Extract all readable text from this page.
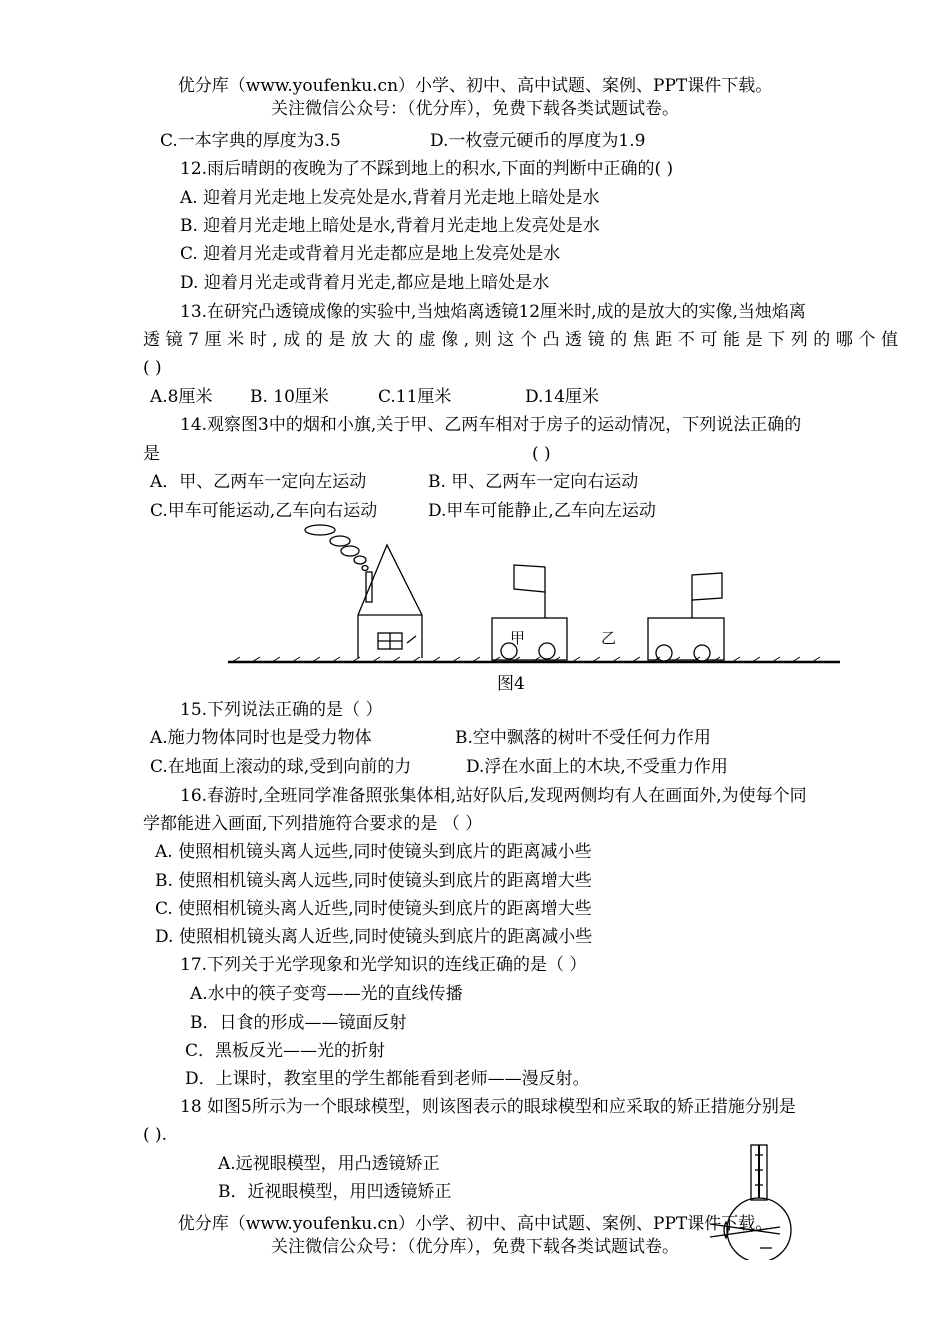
优分库（www.youfenku.cn）小学、初中、高中试题、案例、PPT课件下载。
关注微信公众号：（优分库），免费下载各类试题试卷。
C.一本字典的厚度为3.5	D.一枚壹元硬币的厚度为1.9
12.雨后晴朗的夜晚为了不踩到地上的积水,下面的判断中正确的( )
A. 迎着月光走地上发亮处是水,背着月光走地上暗处是水
B. 迎着月光走地上暗处是水,背着月光走地上发亮处是水
C. 迎着月光走或背着月光走都应是地上发亮处是水
D. 迎着月光走或背着月光走,都应是地上暗处是水
13.在研究凸透镜成像的实验中,当烛焰离透镜12厘米时,成的是放大的实像,当烛焰离
透镜7厘米时,成的是放大的虚像,则这个凸透镜的焦距不可能是下列的哪个值
( )
A.8厘米 B. 10厘米	C.11厘米	D.14厘米
14.观察图3中的烟和小旗,关于甲、乙两车相对于房子的运动情况，下列说法正确的
是	( )
A．甲、乙两车一定向左运动	B. 甲、乙两车一定向右运动
C.甲车可能运动,乙车向右运动	D.甲车可能静止,乙车向左运动
甲	乙
图4
15.下列说法正确的是（ ）
A.施力物体同时也是受力物体	B.空中飘落的树叶不受任何力作用
C.在地面上滚动的球,受到向前的力	D.浮在水面上的木块,不受重力作用
16.春游时,全班同学准备照张集体相,站好队后,发现两侧均有人在画面外,为使每个同
学都能进入画面,下列措施符合要求的是 （ ）
A. 使照相机镜头离人远些,同时使镜头到底片的距离减小些
B. 使照相机镜头离人远些,同时使镜头到底片的距离增大些
C. 使照相机镜头离人近些,同时使镜头到底片的距离增大些
D. 使照相机镜头离人近些,同时使镜头到底片的距离减小些
17.下列关于光学现象和光学知识的连线正确的是（ ）
A.水中的筷子变弯——光的直线传播
B．日食的形成——镜面反射
C．黑板反光——光的折射
D．上课时，教室里的学生都能看到老师——漫反射。
18 如图5所示为一个眼球模型，则该图表示的眼球模型和应采取的矫正措施分别是
( ).
A.远视眼模型，用凸透镜矫正
B．近视眼模型，用凹透镜矫正
优分库（www.youfenku.cn）小学、初中、高中试题、案例、PPT课件下载。
关注微信公众号：（优分库），免费下载各类试题试卷。
